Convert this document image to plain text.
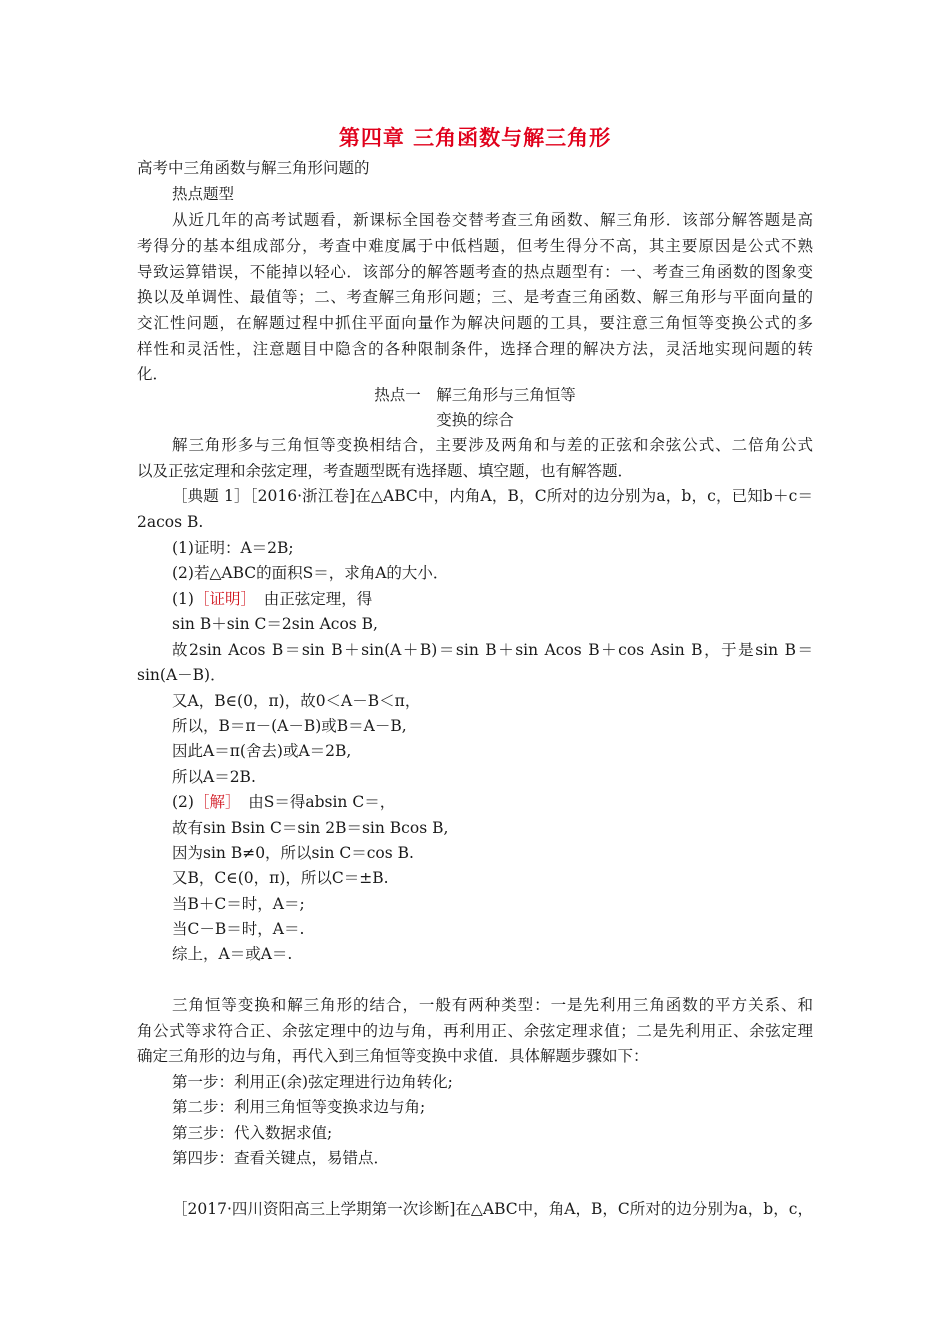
第四章 三角函数与解三角形
高考中三角函数与解三角形问题的
热点题型
从近几年的高考试题看，新课标全国卷交替考查三角函数、解三角形．该部分解答题是高
考得分的基本组成部分，考查中难度属于中低档题，但考生得分不高，其主要原因是公式不熟
导致运算错误，不能掉以轻心．该部分的解答题考查的热点题型有：一、考查三角函数的图象变
换以及单调性、最值等；二、考查解三角形问题；三、是考查三角函数、解三角形与平面向量的
交汇性问题，在解题过程中抓住平面向量作为解决问题的工具，要注意三角恒等变换公式的多
样性和灵活性，注意题目中隐含的各种限制条件，选择合理的解决方法，灵活地实现问题的转
化．
热点一　解三角形与三角恒等
变换的综合
解三角形多与三角恒等变换相结合，主要涉及两角和与差的正弦和余弦公式、二倍角公式
以及正弦定理和余弦定理，考查题型既有选择题、填空题，也有解答题．
［典题 1］［2016·浙江卷]在△ABC中，内角A，B，C所对的边分别为a，b，c，已知b＋c＝
2acos B.
(1)证明：A＝2B;
(2)若△ABC的面积S＝，求角A的大小．
(1)［证明］　由正弦定理，得
sin B＋sin C＝2sin Acos B,
故2sin Acos B＝sin B＋sin(A＋B)＝sin B＋sin Acos B＋cos Asin B，于是sin B＝
sin(A－B)．
又A，B∈(0，π)，故0＜A－B＜π，
所以，B＝π－(A－B)或B＝A－B,
因此A＝π(舍去)或A＝2B,
所以A＝2B.
(2)［解］　由S＝得absin C＝，
故有sin Bsin C＝sin 2B＝sin Bcos B,
因为sin B≠0，所以sin C＝cos B.
又B，C∈(0，π)，所以C＝±B.
当B＋C＝时，A＝;
当C－B＝时，A＝.
综上，A＝或A＝.
三角恒等变换和解三角形的结合，一般有两种类型：一是先利用三角函数的平方关系、和
角公式等求符合正、余弦定理中的边与角，再利用正、余弦定理求值；二是先利用正、余弦定理
确定三角形的边与角，再代入到三角恒等变换中求值．具体解题步骤如下：
第一步：利用正(余)弦定理进行边角转化;
第二步：利用三角恒等变换求边与角;
第三步：代入数据求值;
第四步：查看关键点，易错点．
［2017·四川资阳高三上学期第一次诊断]在△ABC中，角A，B，C所对的边分别为a，b，c，
